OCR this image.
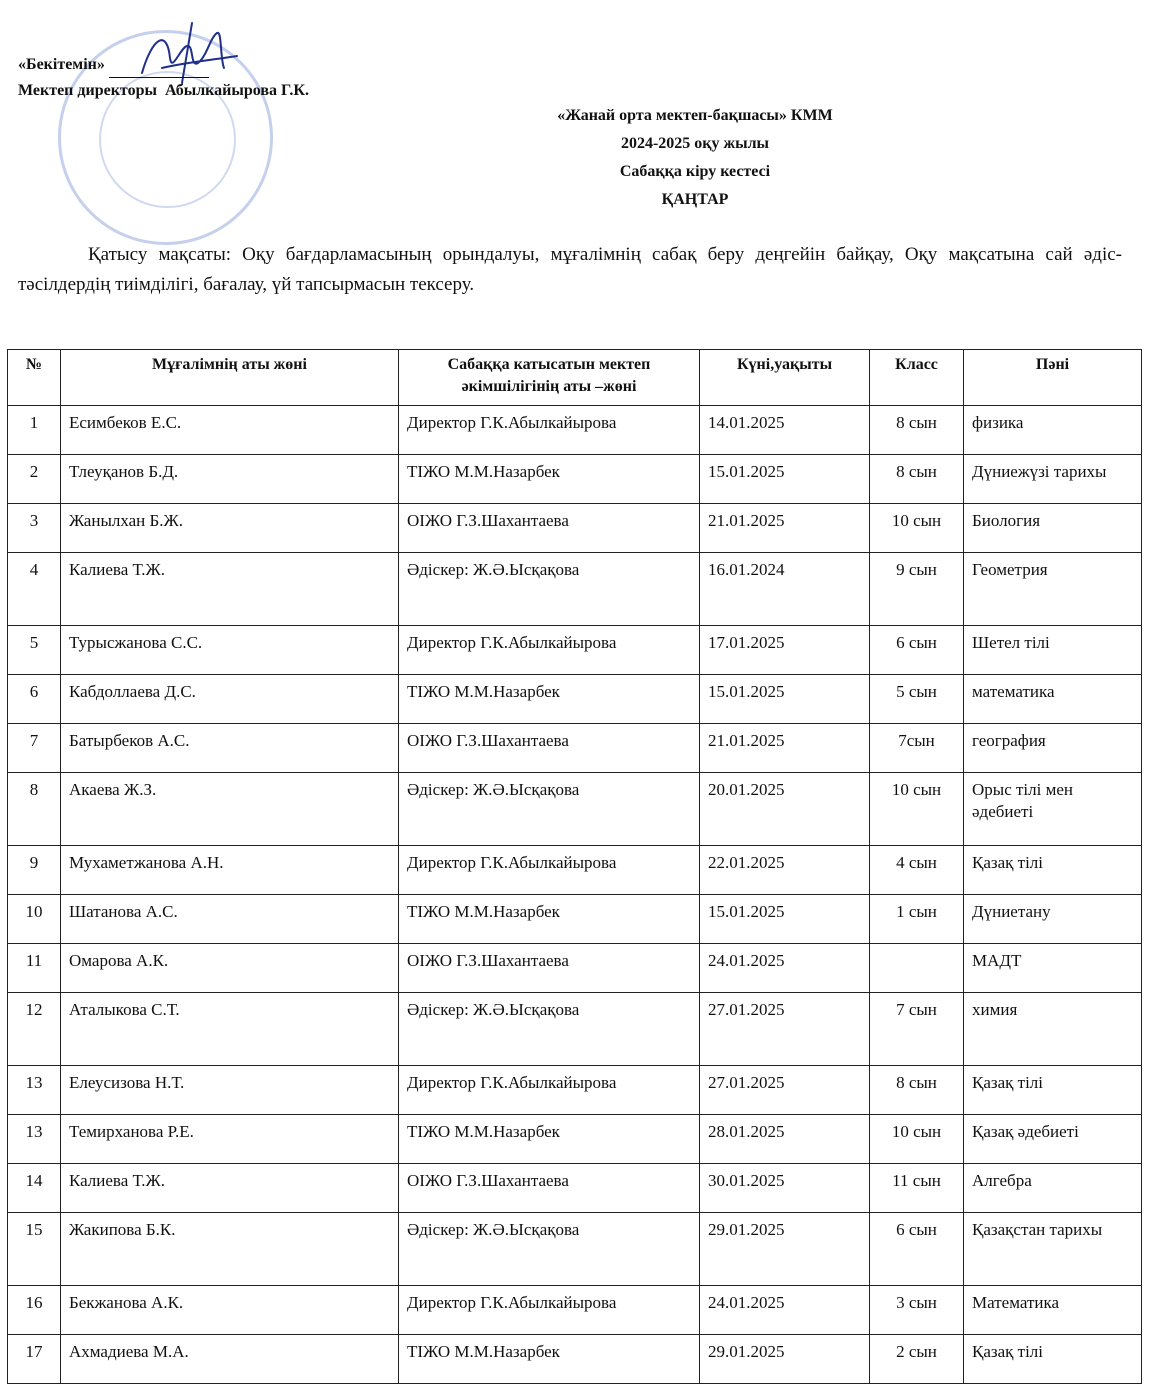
«Бекітемін»
Мектеп директоры Абылкайырова Г.К.
«Жанай орта мектеп-бақшасы» КММ
2024-2025 оқу жылы
Сабаққа кіру кестесі
ҚАҢТАР
Қатысу мақсаты: Оқу бағдарламасының орындалуы, мұғалімнің сабақ беру деңгейін байқау, Оқу мақсатына сай әдіс-тәсілдердің тиімділігі, бағалау, үй тапсырмасын тексеру.
№	Мұғалімнің аты жөні	Сабаққа катысатын мектеп әкімшілігінің аты –жөні	Күні,уақыты	Класс	Пәні
1	Есимбеков Е.С.	Директор Г.К.Абылкайырова	14.01.2025	8 сын	физика
2	Тлеуқанов Б.Д.	ТІЖО М.М.Назарбек	15.01.2025	8 сын	Дүниежүзі тарихы
3	Жанылхан Б.Ж.	ОІЖО Г.З.Шахантаева	21.01.2025	10 сын	Биология
4	Калиева Т.Ж.	Әдіскер: Ж.Ә.Ысқақова	16.01.2024	9 сын	Геометрия
5	Турысжанова С.С.	Директор Г.К.Абылкайырова	17.01.2025	6 сын	Шетел тілі
6	Кабдоллаева Д.С.	ТІЖО М.М.Назарбек	15.01.2025	5 сын	математика
7	Батырбеков А.С.	ОІЖО Г.З.Шахантаева	21.01.2025	7сын	география
8	Акаева Ж.З.	Әдіскер: Ж.Ә.Ысқақова	20.01.2025	10 сын	Орыс тілі мен әдебиеті
9	Мухаметжанова А.Н.	Директор Г.К.Абылкайырова	22.01.2025	4 сын	Қазақ тілі
10	Шатанова А.С.	ТІЖО М.М.Назарбек	15.01.2025	1 сын	Дүниетану
11	Омарова А.К.	ОІЖО Г.З.Шахантаева	24.01.2025		МАДТ
12	Аталыкова С.Т.	Әдіскер: Ж.Ә.Ысқақова	27.01.2025	7 сын	химия
13	Елеусизова Н.Т.	Директор Г.К.Абылкайырова	27.01.2025	8 сын	Қазақ тілі
13	Темирханова Р.Е.	ТІЖО М.М.Назарбек	28.01.2025	10 сын	Қазақ әдебиеті
14	Калиева Т.Ж.	ОІЖО Г.З.Шахантаева	30.01.2025	11 сын	Алгебра
15	Жакипова Б.К.	Әдіскер: Ж.Ә.Ысқақова	29.01.2025	6 сын	Қазақстан тарихы
16	Бекжанова А.К.	Директор Г.К.Абылкайырова	24.01.2025	3 сын	Математика
17	Ахмадиева М.А.	ТІЖО М.М.Назарбек	29.01.2025	2 сын	Қазақ тілі
